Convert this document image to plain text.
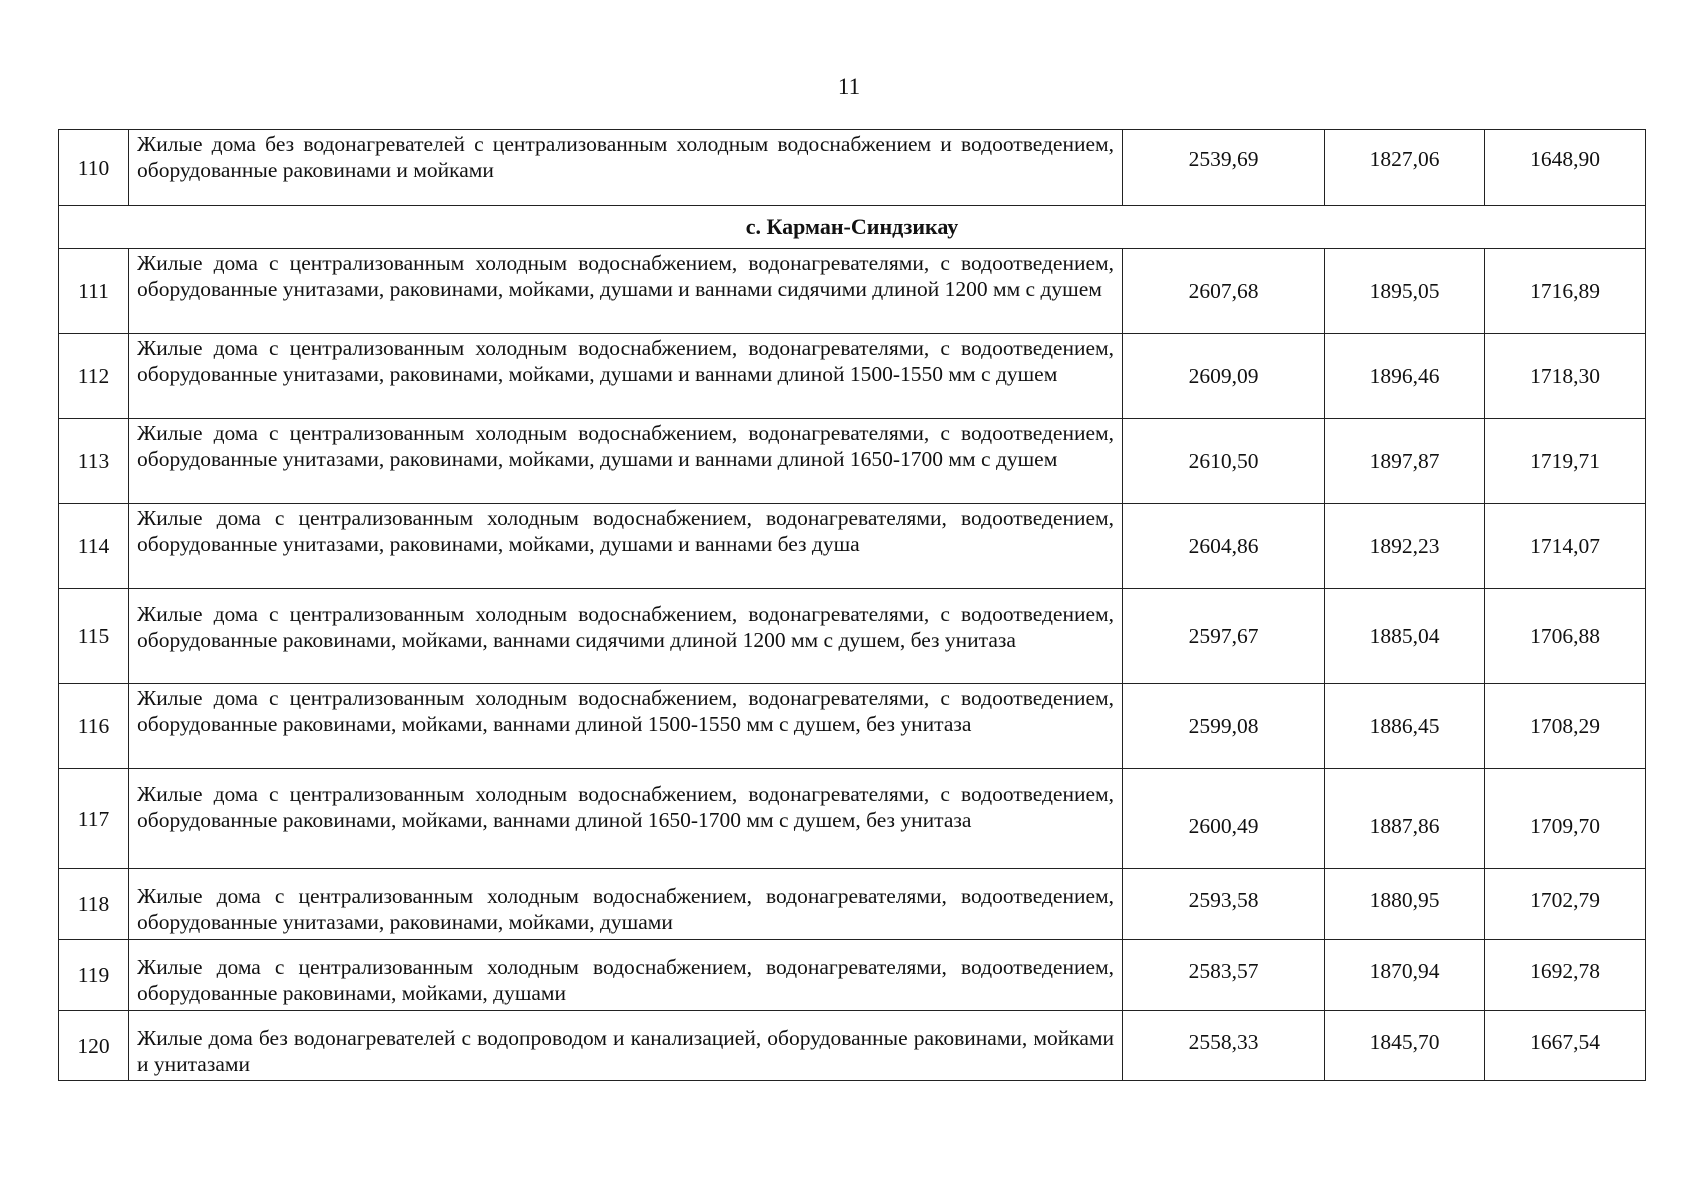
11
110	Жилые дома без водонагревателей с централизованным холодным водоснабжением и водоотведением, оборудованные раковинами и мойками	2539,69	1827,06	1648,90
с. Карман-Синдзикау				
111	Жилые дома с централизованным холодным водоснабжением, водонагревателями, с водоотведением, оборудованные унитазами, раковинами, мойками, душами и ваннами сидячими длиной 1200 мм с душем	2607,68	1895,05	1716,89
112	Жилые дома с централизованным холодным водоснабжением, водонагревателями, с водоотведением, оборудованные унитазами, раковинами, мойками, душами и ваннами длиной 1500-1550 мм с душем	2609,09	1896,46	1718,30
113	Жилые дома с централизованным холодным водоснабжением, водонагревателями, с водоотведением, оборудованные унитазами, раковинами, мойками, душами и ваннами длиной 1650-1700 мм с душем	2610,50	1897,87	1719,71
114	Жилые дома с централизованным холодным водоснабжением, водонагревателями, водоотведением, оборудованные унитазами, раковинами, мойками, душами и ваннами без душа	2604,86	1892,23	1714,07
115	Жилые дома с централизованным холодным водоснабжением, водонагревателями, с водоотведением, оборудованные раковинами, мойками, ваннами сидячими длиной 1200 мм с душем, без унитаза	2597,67	1885,04	1706,88
116	Жилые дома с централизованным холодным водоснабжением, водонагревателями, с водоотведением, оборудованные раковинами, мойками, ваннами длиной 1500-1550 мм с душем, без унитаза	2599,08	1886,45	1708,29
117	Жилые дома с централизованным холодным водоснабжением, водонагревателями, с водоотведением, оборудованные раковинами, мойками, ваннами длиной 1650-1700 мм с душем, без унитаза	2600,49	1887,86	1709,70
118	Жилые дома с централизованным холодным водоснабжением, водонагревателями, водоотведением, оборудованные унитазами, раковинами, мойками, душами	2593,58	1880,95	1702,79
119	Жилые дома с централизованным холодным водоснабжением, водонагревателями, водоотведением, оборудованные раковинами, мойками, душами	2583,57	1870,94	1692,78
120	Жилые дома без водонагревателей с водопроводом и канализацией, оборудованные раковинами, мойками и унитазами	2558,33	1845,70	1667,54
